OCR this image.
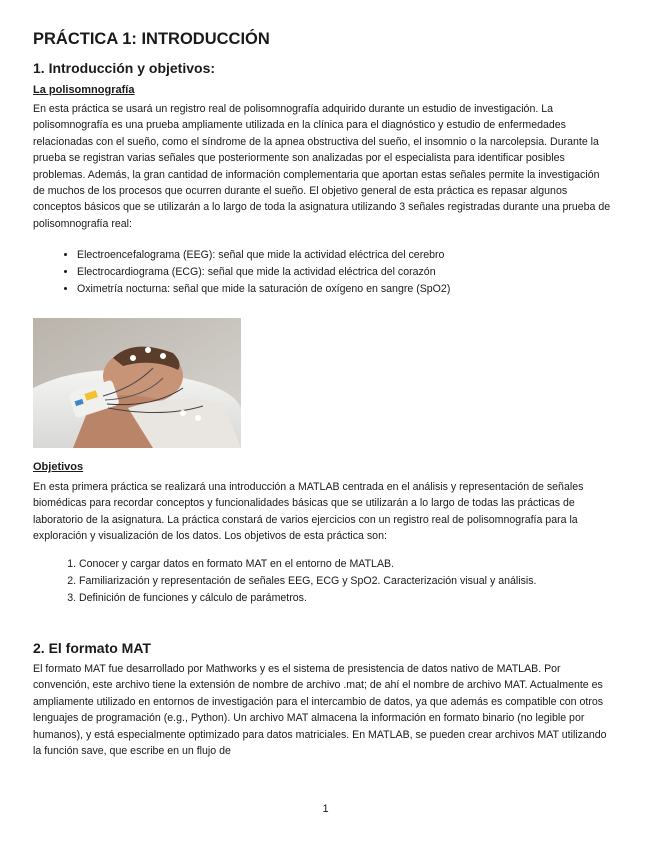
PRÁCTICA 1: INTRODUCCIÓN
1. Introducción y objetivos:

La polisomnografía

En esta práctica se usará un registro real de polisomnografía adquirido durante un estudio de investigación. La polisomnografía es una prueba ampliamente utilizada en la clínica para el diagnóstico y estudio de enfermedades relacionadas con el sueño, como el síndrome de la apnea obstructiva del sueño, el insomnio o la narcolepsia. Durante la prueba se registran varias señales que posteriormente son analizadas por el especialista para identificar posibles problemas. Además, la gran cantidad de información complementaria que aportan estas señales permite la investigación de muchos de los procesos que ocurren durante el sueño. El objetivo general de esta práctica es repasar algunos conceptos básicos que se utilizarán a lo largo de toda la asignatura utilizando 3 señales registradas durante una prueba de polisomnografía real:

• Electroencefalograma (EEG): señal que mide la actividad eléctrica del cerebro
• Electrocardiograma (ECG): señal que mide la actividad eléctrica del corazón
• Oximetría nocturna: señal que mide la saturación de oxígeno en sangre (SpO2)

Objetivos

En esta primera práctica se realizará una introducción a MATLAB centrada en el análisis y representación de señales biomédicas para recordar conceptos y funcionalidades básicas que se utilizarán a lo largo de todas las prácticas de laboratorio de la asignatura. La práctica constará de varios ejercicios con un registro real de polisomnografía para la exploración y visualización de los datos. Los objetivos de esta práctica son:

1. Conocer y cargar datos en formato MAT en el entorno de MATLAB.
2. Familiarización y representación de señales EEG, ECG y SpO2. Caracterización visual y análisis.
3. Definición de funciones y cálculo de parámetros.
2. El formato MAT

El formato MAT fue desarrollado por Mathworks y es el sistema de presistencia de datos nativo de MATLAB. Por convención, este archivo tiene la extensión de nombre de archivo .mat; de ahí el nombre de archivo MAT. Actualmente es ampliamente utilizado en entornos de investigación para el intercambio de datos, ya que además es compatible con otros lenguajes de programación (e.g., Python). Un archivo MAT almacena la información en formato binario (no legible por humanos), y está especialmente optimizado para datos matriciales. En MATLAB, se pueden crear archivos MAT utilizando la función save, que escribe en un flujo de

1
